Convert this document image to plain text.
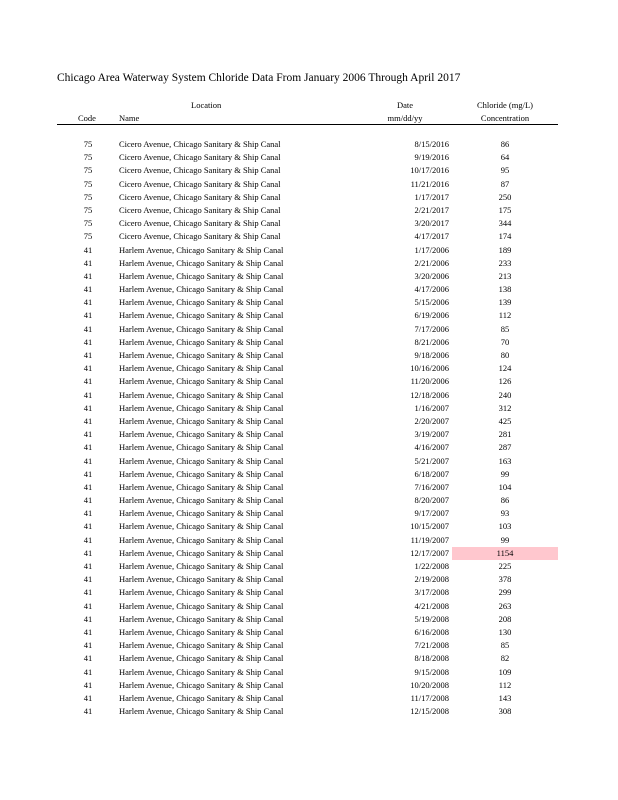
Chicago Area Waterway System Chloride Data From January 2006 Through April 2017
Location
Code	Name
Date
mm/dd/yy
Chloride (mg/L)
Concentration
75	Cicero Avenue, Chicago Sanitary & Ship Canal	8/15/2016	86
75	Cicero Avenue, Chicago Sanitary & Ship Canal	9/19/2016	64
75	Cicero Avenue, Chicago Sanitary & Ship Canal	10/17/2016	95
75	Cicero Avenue, Chicago Sanitary & Ship Canal	11/21/2016	87
75	Cicero Avenue, Chicago Sanitary & Ship Canal	1/17/2017	250
75	Cicero Avenue, Chicago Sanitary & Ship Canal	2/21/2017	175
75	Cicero Avenue, Chicago Sanitary & Ship Canal	3/20/2017	344
75	Cicero Avenue, Chicago Sanitary & Ship Canal	4/17/2017	174
41	Harlem Avenue, Chicago Sanitary & Ship Canal	1/17/2006	189
41	Harlem Avenue, Chicago Sanitary & Ship Canal	2/21/2006	233
41	Harlem Avenue, Chicago Sanitary & Ship Canal	3/20/2006	213
41	Harlem Avenue, Chicago Sanitary & Ship Canal	4/17/2006	138
41	Harlem Avenue, Chicago Sanitary & Ship Canal	5/15/2006	139
41	Harlem Avenue, Chicago Sanitary & Ship Canal	6/19/2006	112
41	Harlem Avenue, Chicago Sanitary & Ship Canal	7/17/2006	85
41	Harlem Avenue, Chicago Sanitary & Ship Canal	8/21/2006	70
41	Harlem Avenue, Chicago Sanitary & Ship Canal	9/18/2006	80
41	Harlem Avenue, Chicago Sanitary & Ship Canal	10/16/2006	124
41	Harlem Avenue, Chicago Sanitary & Ship Canal	11/20/2006	126
41	Harlem Avenue, Chicago Sanitary & Ship Canal	12/18/2006	240
41	Harlem Avenue, Chicago Sanitary & Ship Canal	1/16/2007	312
41	Harlem Avenue, Chicago Sanitary & Ship Canal	2/20/2007	425
41	Harlem Avenue, Chicago Sanitary & Ship Canal	3/19/2007	281
41	Harlem Avenue, Chicago Sanitary & Ship Canal	4/16/2007	287
41	Harlem Avenue, Chicago Sanitary & Ship Canal	5/21/2007	163
41	Harlem Avenue, Chicago Sanitary & Ship Canal	6/18/2007	99
41	Harlem Avenue, Chicago Sanitary & Ship Canal	7/16/2007	104
41	Harlem Avenue, Chicago Sanitary & Ship Canal	8/20/2007	86
41	Harlem Avenue, Chicago Sanitary & Ship Canal	9/17/2007	93
41	Harlem Avenue, Chicago Sanitary & Ship Canal	10/15/2007	103
41	Harlem Avenue, Chicago Sanitary & Ship Canal	11/19/2007	99
41	Harlem Avenue, Chicago Sanitary & Ship Canal	12/17/2007	1154
41	Harlem Avenue, Chicago Sanitary & Ship Canal	1/22/2008	225
41	Harlem Avenue, Chicago Sanitary & Ship Canal	2/19/2008	378
41	Harlem Avenue, Chicago Sanitary & Ship Canal	3/17/2008	299
41	Harlem Avenue, Chicago Sanitary & Ship Canal	4/21/2008	263
41	Harlem Avenue, Chicago Sanitary & Ship Canal	5/19/2008	208
41	Harlem Avenue, Chicago Sanitary & Ship Canal	6/16/2008	130
41	Harlem Avenue, Chicago Sanitary & Ship Canal	7/21/2008	85
41	Harlem Avenue, Chicago Sanitary & Ship Canal	8/18/2008	82
41	Harlem Avenue, Chicago Sanitary & Ship Canal	9/15/2008	109
41	Harlem Avenue, Chicago Sanitary & Ship Canal	10/20/2008	112
41	Harlem Avenue, Chicago Sanitary & Ship Canal	11/17/2008	143
41	Harlem Avenue, Chicago Sanitary & Ship Canal	12/15/2008	308
